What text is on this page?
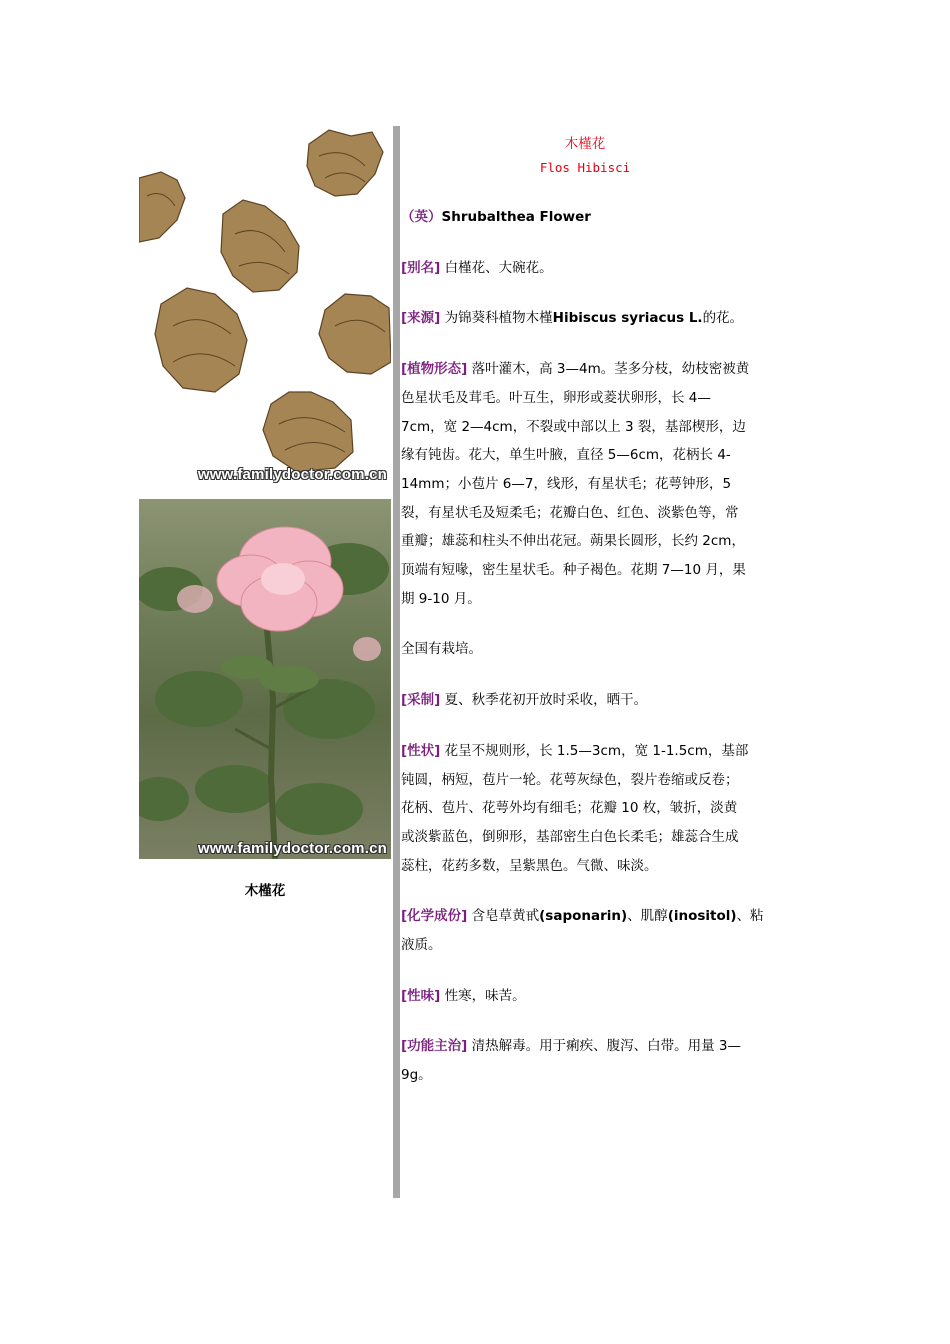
www.familydoctor.com.cn
www.familydoctor.com.cn
木槿花
木槿花
Flos Hibisci

（英）Shrubalthea Flower

[别名] 白槿花、大碗花。

[来源] 为锦葵科植物木槿Hibiscus syriacus L.的花。

[植物形态] 落叶灌木，高 3—4m。茎多分枝，幼枝密被黄
色星状毛及茸毛。叶互生，卵形或菱状卵形，长 4—
7cm，宽 2—4cm，不裂或中部以上 3 裂，基部楔形，边
缘有钝齿。花大，单生叶腋，直径 5—6cm，花柄长 4-
14mm；小苞片 6—7，线形，有星状毛；花萼钟形，5
裂，有星状毛及短柔毛；花瓣白色、红色、淡紫色等，常
重瓣；雄蕊和柱头不伸出花冠。蒴果长圆形，长约 2cm，
顶端有短喙，密生星状毛。种子褐色。花期 7—10 月，果
期 9-10 月。

全国有栽培。

[采制] 夏、秋季花初开放时采收，晒干。

[性状] 花呈不规则形，长 1.5—3cm，宽 1-1.5cm，基部
钝圆，柄短，苞片一轮。花萼灰绿色，裂片卷缩或反卷；
花柄、苞片、花萼外均有细毛；花瓣 10 枚，皱折，淡黄
或淡紫蓝色，倒卵形，基部密生白色长柔毛；雄蕊合生成
蕊柱，花药多数，呈紫黑色。气微、味淡。

[化学成份] 含皂草黄甙(saponarin)、肌醇(inositol)、粘
液质。

[性味] 性寒，味苦。

[功能主治] 清热解毒。用于痢疾、腹泻、白带。用量 3—
9g。
